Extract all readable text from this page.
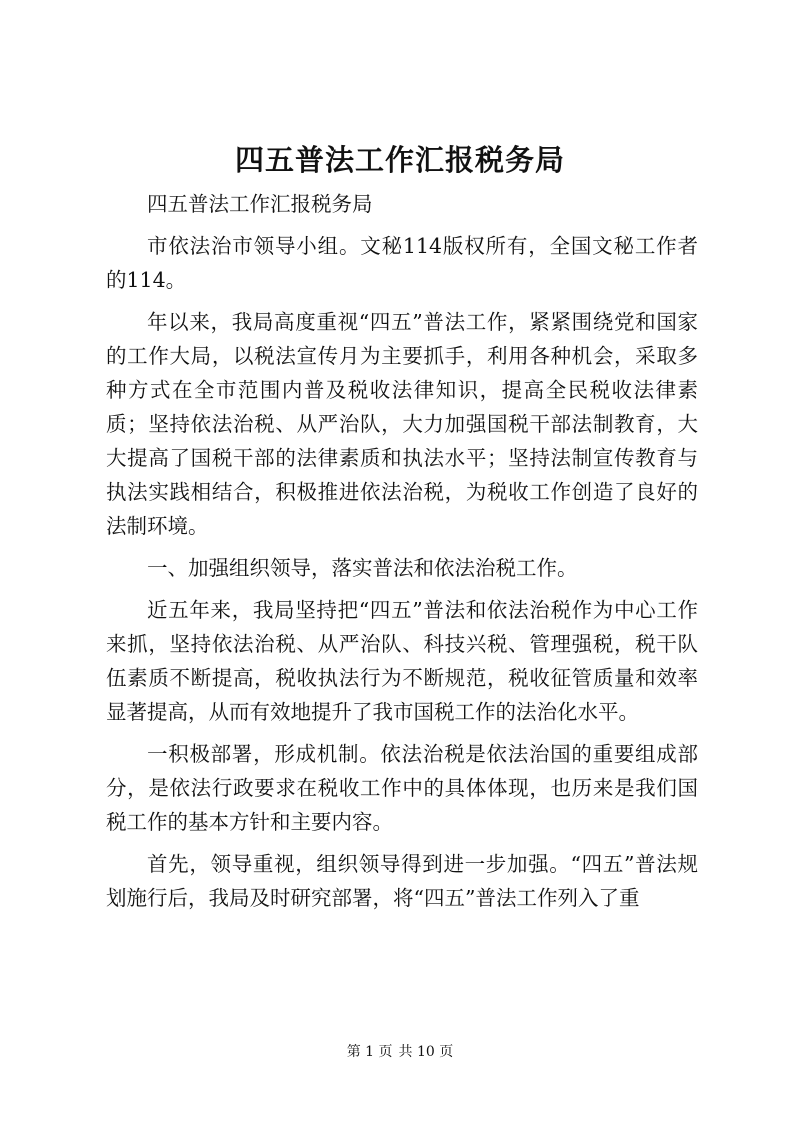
四五普法工作汇报税务局

四五普法工作汇报税务局

市依法治市领导小组。文秘114版权所有，全国文秘工作者的114。

年以来，我局高度重视“四五”普法工作，紧紧围绕党和国家的工作大局，以税法宣传月为主要抓手，利用各种机会，采取多种方式在全市范围内普及税收法律知识，提高全民税收法律素质；坚持依法治税、从严治队，大力加强国税干部法制教育，大大提高了国税干部的法律素质和执法水平；坚持法制宣传教育与执法实践相结合，积极推进依法治税，为税收工作创造了良好的法制环境。

一、加强组织领导，落实普法和依法治税工作。

近五年来，我局坚持把“四五”普法和依法治税作为中心工作来抓，坚持依法治税、从严治队、科技兴税、管理强税，税干队伍素质不断提高，税收执法行为不断规范，税收征管质量和效率显著提高，从而有效地提升了我市国税工作的法治化水平。

一积极部署，形成机制。依法治税是依法治国的重要组成部分，是依法行政要求在税收工作中的具体体现，也历来是我们国税工作的基本方针和主要内容。

首先，领导重视，组织领导得到进一步加强。“四五”普法规划施行后，我局及时研究部署，将“四五”普法工作列入了重

第 1 页 共 10 页
